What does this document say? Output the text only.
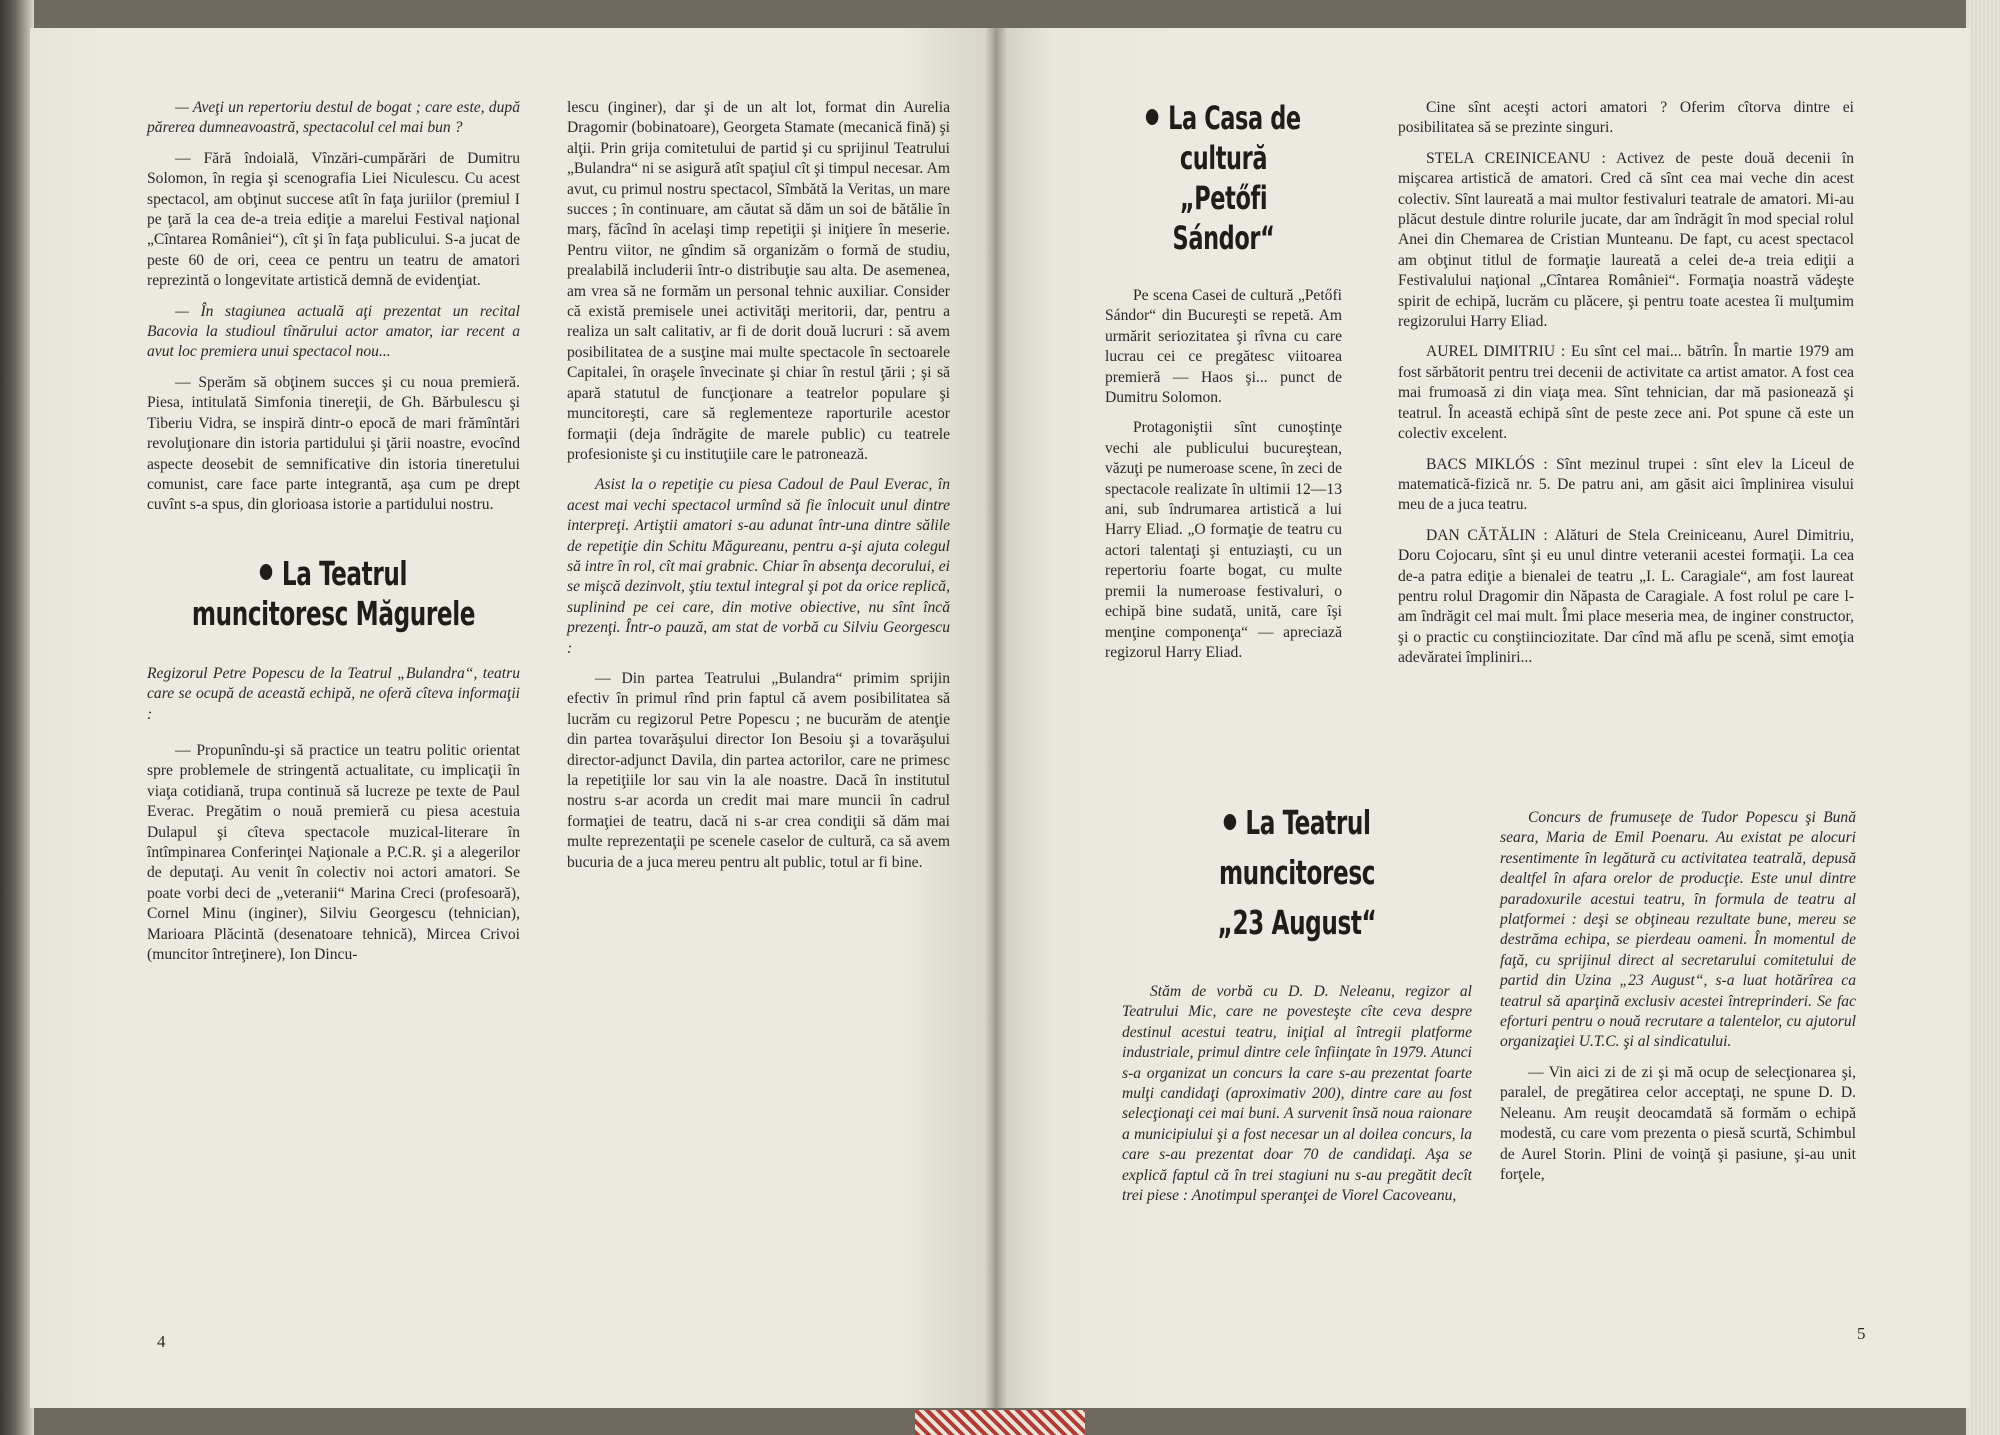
— Aveţi un repertoriu destul de bogat ; care este, după părerea dumneavoastră, spectacolul cel mai bun ?

— Fără îndoială, Vînzări-cumpărări de Dumitru Solomon, în regia şi scenografia Liei Niculescu. Cu acest spectacol, am obţinut succese atît în faţa juriilor (premiul I pe ţară la cea de-a treia ediţie a marelui Festival naţional „Cîntarea României“), cît şi în faţa publicului. S-a jucat de peste 60 de ori, ceea ce pentru un teatru de amatori reprezintă o longevitate artistică demnă de evidenţiat.

— În stagiunea actuală aţi prezentat un recital Bacovia la studioul tînărului actor amator, iar recent a avut loc premiera unui spectacol nou...

— Sperăm să obţinem succes şi cu noua premieră. Piesa, intitulată Simfonia tinereţii, de Gh. Bărbulescu şi Tiberiu Vidra, se inspiră dintr-o epocă de mari frămîntări revoluţionare din istoria partidului şi ţării noastre, evocînd aspecte deosebit de semnificative din istoria tineretului comunist, care face parte integrantă, aşa cum pe drept cuvînt s-a spus, din glorioasa istorie a partidului nostru.

La Teatrul
muncitoresc Măgurele

Regizorul Petre Popescu de la Teatrul „Bulandra“, teatru care se ocupă de această echipă, ne oferă cîteva informaţii :

— Propunîndu-şi să practice un teatru politic orientat spre problemele de stringentă actualitate, cu implicaţii în viaţa cotidiană, trupa continuă să lucreze pe texte de Paul Everac. Pregătim o nouă premieră cu piesa acestuia Dulapul şi cîteva spectacole muzical-literare în întîmpinarea Conferinţei Naţionale a P.C.R. şi a alegerilor de deputaţi. Au venit în colectiv noi actori amatori. Se poate vorbi deci de „veteranii“ Marina Creci (profesoară), Cornel Minu (inginer), Silviu Georgescu (tehnician), Marioara Plăcintă (desenatoare tehnică), Mircea Crivoi (muncitor întreţinere), Ion Dincu-

lescu (inginer), dar şi de un alt lot, format din Aurelia Dragomir (bobinatoare), Georgeta Stamate (mecanică fină) şi alţii. Prin grija comitetului de partid şi cu sprijinul Teatrului „Bulandra“ ni se asigură atît spaţiul cît şi timpul necesar. Am avut, cu primul nostru spectacol, Sîmbătă la Veritas, un mare succes ; în continuare, am căutat să dăm un soi de bătălie în marş, făcînd în acelaşi timp repetiţii şi iniţiere în meserie. Pentru viitor, ne gîndim să organizăm o formă de studiu, prealabilă includerii într-o distribuţie sau alta. De asemenea, am vrea să ne formăm un personal tehnic auxiliar. Consider că există premisele unei activităţi meritorii, dar, pentru a realiza un salt calitativ, ar fi de dorit două lucruri : să avem posibilitatea de a susţine mai multe spectacole în sectoarele Capitalei, în oraşele învecinate şi chiar în restul ţării ; şi să apară statutul de funcţionare a teatrelor populare şi muncitoreşti, care să reglementeze raporturile acestor formaţii (deja îndrăgite de marele public) cu teatrele profesioniste şi cu instituţiile care le patronează.

Asist la o repetiţie cu piesa Cadoul de Paul Everac, în acest mai vechi spectacol urmînd să fie înlocuit unul dintre interpreţi. Artiştii amatori s-au adunat într-una dintre sălile de repetiţie din Schitu Măgureanu, pentru a-şi ajuta colegul să intre în rol, cît mai grabnic. Chiar în absenţa decorului, ei se mişcă dezinvolt, ştiu textul integral şi pot da orice replică, suplinind pe cei care, din motive obiective, nu sînt încă prezenţi. Într-o pauză, am stat de vorbă cu Silviu Georgescu :

— Din partea Teatrului „Bulandra“ primim sprijin efectiv în primul rînd prin faptul că avem posibilitatea să lucrăm cu regizorul Petre Popescu ; ne bucurăm de atenţie din partea tovarăşului director Ion Besoiu şi a tovarăşului director-adjunct Davila, din partea actorilor, care ne primesc la repetiţiile lor sau vin la ale noastre. Dacă în institutul nostru s-ar acorda un credit mai mare muncii în cadrul formaţiei de teatru, dacă ni s-ar crea condiţii să dăm mai multe reprezentaţii pe scenele caselor de cultură, ca să avem bucuria de a juca mereu pentru alt public, totul ar fi bine.

4
La Casa de
cultură
„Petőfi Sándor“

Pe scena Casei de cultură „Petőfi Sándor“ din Bucureşti se repetă. Am urmărit seriozitatea şi rîvna cu care lucrau cei ce pregătesc viitoarea premieră — Haos şi... punct de Dumitru Solomon.

Protagoniştii sînt cunoştinţe vechi ale publicului bucureştean, văzuţi pe numeroase scene, în zeci de spectacole realizate în ultimii 12—13 ani, sub îndrumarea artistică a lui Harry Eliad. „O formaţie de teatru cu actori talentaţi şi entuziaşti, cu un repertoriu foarte bogat, cu multe premii la numeroase festivaluri, o echipă bine sudată, unită, care îşi menţine componenţa“ — apreciază regizorul Harry Eliad.

Cine sînt aceşti actori amatori ? Oferim cîtorva dintre ei posibilitatea să se prezinte singuri.

STELA CREINICEANU : Activez de peste două decenii în mişcarea artistică de amatori. Cred că sînt cea mai veche din acest colectiv. Sînt laureată a mai multor festivaluri teatrale de amatori. Mi-au plăcut destule dintre rolurile jucate, dar am îndrăgit în mod special rolul Anei din Chemarea de Cristian Munteanu. De fapt, cu acest spectacol am obţinut titlul de formaţie laureată a celei de-a treia ediţii a Festivalului naţional „Cîntarea României“. Formaţia noastră vădeşte spirit de echipă, lucrăm cu plăcere, şi pentru toate acestea îi mulţumim regizorului Harry Eliad.

AUREL DIMITRIU : Eu sînt cel mai... bătrîn. În martie 1979 am fost sărbătorit pentru trei decenii de activitate ca artist amator. A fost cea mai frumoasă zi din viaţa mea. Sînt tehnician, dar mă pasionează şi teatrul. În această echipă sînt de peste zece ani. Pot spune că este un colectiv excelent.

BACS MIKLÓS : Sînt mezinul trupei : sînt elev la Liceul de matematică-fizică nr. 5. De patru ani, am găsit aici împlinirea visului meu de a juca teatru.

DAN CĂTĂLIN : Alături de Stela Creiniceanu, Aurel Dimitriu, Doru Cojocaru, sînt şi eu unul dintre veteranii acestei formaţii. La cea de-a patra ediţie a bienalei de teatru „I. L. Caragiale“, am fost laureat pentru rolul Dragomir din Năpasta de Caragiale. A fost rolul pe care l-am îndrăgit cel mai mult. Îmi place meseria mea, de inginer constructor, şi o practic cu conştiinciozitate. Dar cînd mă aflu pe scenă, simt emoţia adevăratei împliniri...

La Teatrul
muncitoresc
„23 August“

Stăm de vorbă cu D. D. Neleanu, regizor al Teatrului Mic, care ne povesteşte cîte ceva despre destinul acestui teatru, iniţial al întregii platforme industriale, primul dintre cele înfiinţate în 1979. Atunci s-a organizat un concurs la care s-au prezentat foarte mulţi candidaţi (aproximativ 200), dintre care au fost selecţionaţi cei mai buni. A survenit însă noua raionare a municipiului şi a fost necesar un al doilea concurs, la care s-au prezentat doar 70 de candidaţi. Aşa se explică faptul că în trei stagiuni nu s-au pregătit decît trei piese : Anotimpul speranţei de Viorel Cacoveanu,

Concurs de frumuseţe de Tudor Popescu şi Bună seara, Maria de Emil Poenaru. Au existat pe alocuri resentimente în legătură cu activitatea teatrală, depusă dealtfel în afara orelor de producţie. Este unul dintre paradoxurile acestui teatru, în formula de teatru al platformei : deşi se obţineau rezultate bune, mereu se destrăma echipa, se pierdeau oameni. În momentul de faţă, cu sprijinul direct al secretarului comitetului de partid din Uzina „23 August“, s-a luat hotărîrea ca teatrul să aparţină exclusiv acestei întreprinderi. Se fac eforturi pentru o nouă recrutare a talentelor, cu ajutorul organizaţiei U.T.C. şi al sindicatului.

— Vin aici zi de zi şi mă ocup de selecţionarea şi, paralel, de pregătirea celor acceptaţi, ne spune D. D. Neleanu. Am reuşit deocamdată să formăm o echipă modestă, cu care vom prezenta o piesă scurtă, Schimbul de Aurel Storin. Plini de voinţă şi pasiune, şi-au unit forţele,

5
